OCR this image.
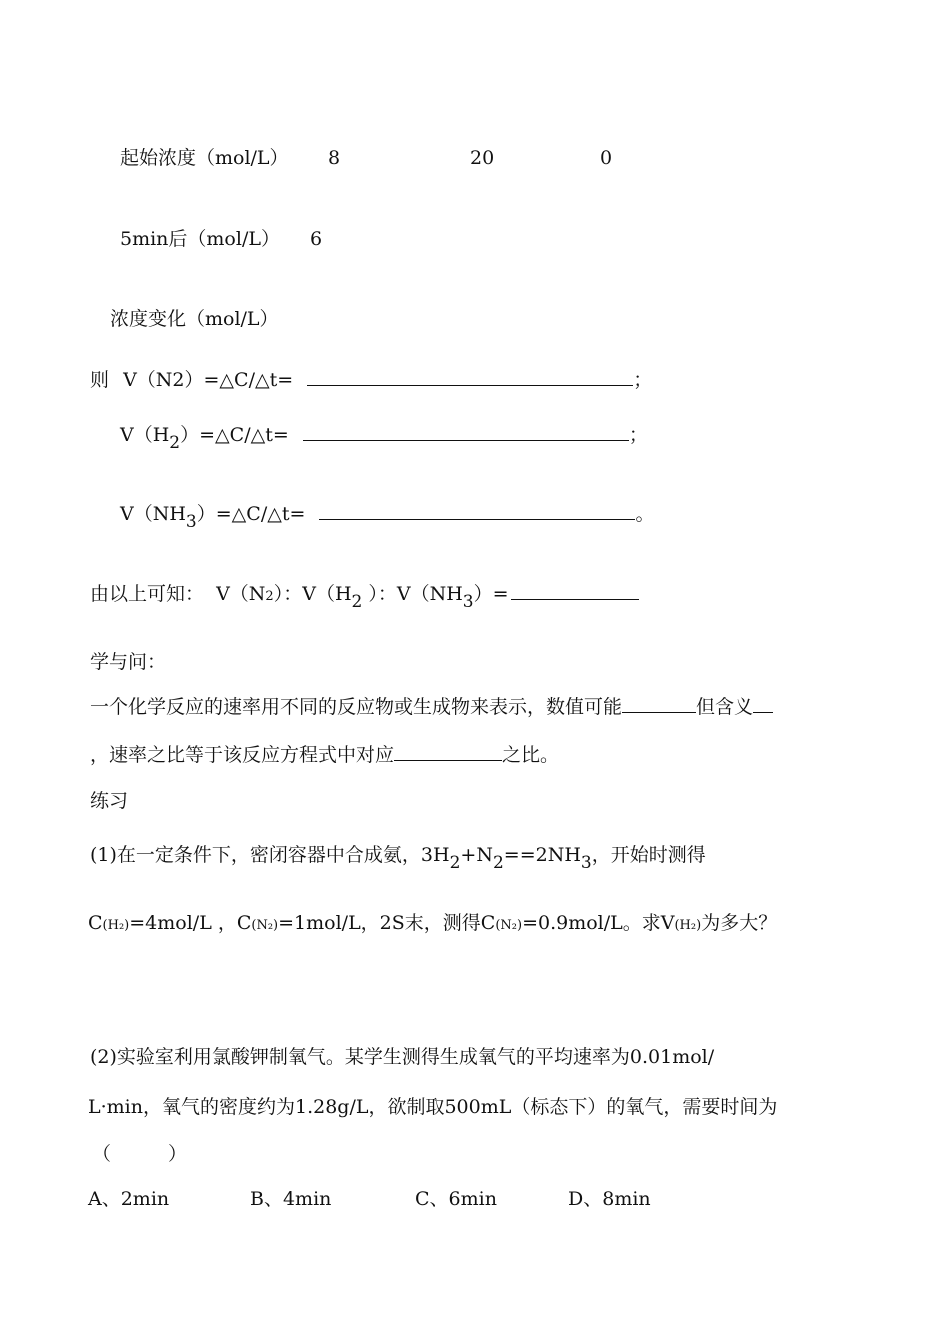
起始浓度（mol/L） 8	20	0
5min后（mol/L） 6
浓度变化（mol/L）
则 V（N2）=△C/△t=	；
$V(H_2)=\triangle C/\triangle t=$	；
$V(NH_3)=\triangle C/\triangle t=$	。
由以上可知： V（N2）：$V(H_2$ ）：$V(NH_3)=$
学与问：
一个化学反应的速率用不同的反应物或生成物来表示，数值可能	但含义
，速率之比等于该反应方程式中对应	之比。
练习
(1)在一定条件下，密闭容器中合成氨，$3H_2+N_2==2NH_3$，开始时测得
C(H₂)=4mol/L ，C(N₂)=1mol/L，2S末，测得C(N₂)=0.9mol/L。求V(H₂)为多大？
(2)实验室利用氯酸钾制氧气。某学生测得生成氧气的平均速率为0.01mol/
L·min，氧气的密度约为1.28g/L，欲制取500mL（标态下）的氧气，需要时间为
（　　　）
A、2min	B、4min	C、6min	D、8min
